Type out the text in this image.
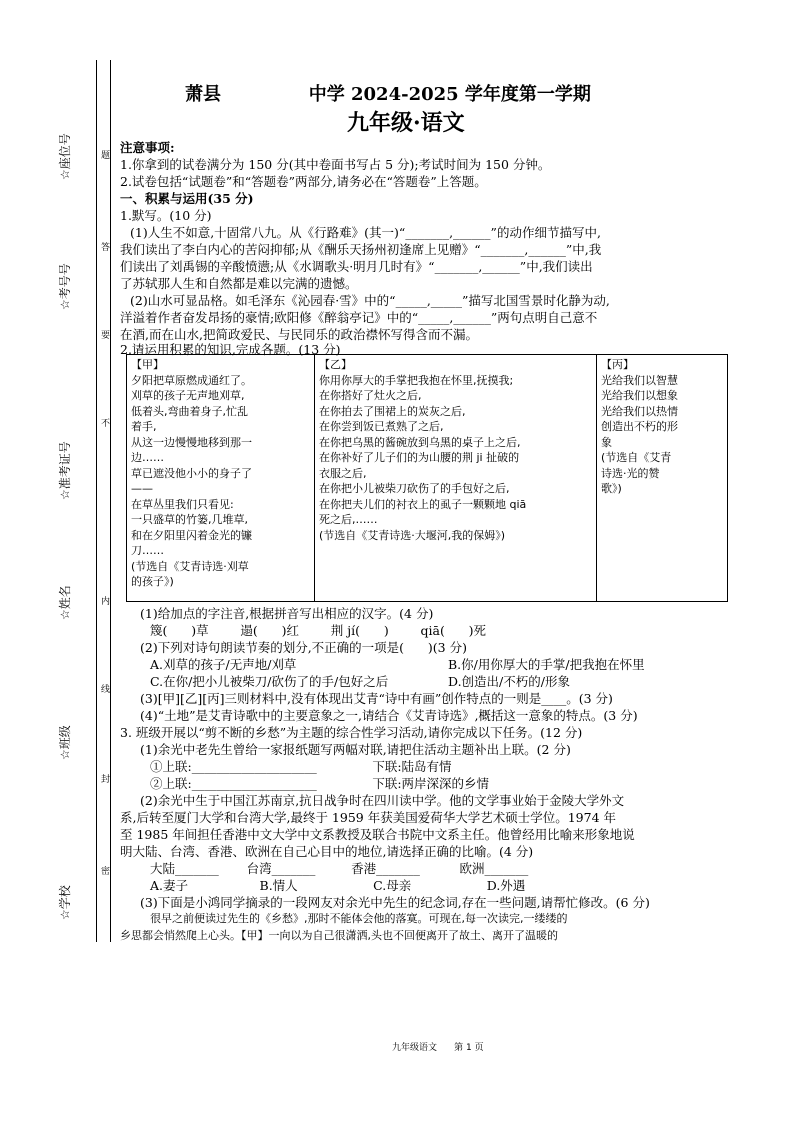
☆座位号
☆考号号
☆准考证号
☆姓名
☆班级
☆学校
题
答
要
不
内
线
封
密
萧县              中学 2024-2025 学年度第一学期
九年级·语文
注意事项:
1.你拿到的试卷满分为 150 分(其中卷面书写占 5 分);考试时间为 150 分钟。
2.试卷包括“试题卷”和“答题卷”两部分,请务必在“答题卷”上答题。
一、积累与运用(35 分)
1.默写。(10 分)
(1)人生不如意,十固常八九。从《行路难》(其一)“_______,______”的动作细节描写中,
我们读出了李白内心的苦闷抑郁;从《酬乐天扬州初逢席上见赠》“_______,______”中,我
们读出了刘禹锡的辛酸愤懑;从《水调歌头·明月几时有》“_______,______”中,我们读出
了苏轼那人生和自然都是难以完满的遗憾。
(2)山水可显品格。如毛泽东《沁园春·雪》中的“_____,_____”描写北国雪景时化静为动,
洋溢着作者奋发昂扬的豪情;欧阳修《醉翁亭记》中的“_____,______”两句点明自己意不
在酒,而在山水,把简政爱民、与民同乐的政治襟怀写得含而不漏。
2.请运用积累的知识,完成各题。(13 分)
【甲】
夕阳把草原燃成通红了。
刈草的孩子无声地刈草,
低着头,弯曲着身子,忙乱
着手,
从这一边慢慢地移到那一
边……
草已遮没他小小的身子了
——
在草丛里我们只看见:
一只盛草的竹篓,几堆草,
和在夕阳里闪着金光的镰
刀……
(节选自《艾青诗选·刈草
的孩子》)
【乙】
你用你厚大的手掌把我抱在怀里,抚摸我;
在你搭好了灶火之后,
在你拍去了围裙上的炭灰之后,
在你尝到饭已煮熟了之后,
在你把乌黑的酱碗放到乌黑的桌子上之后,
在你补好了儿子们的为山腰的荆 ji 扯破的
衣服之后,
在你把小儿被柴刀砍伤了的手包好之后,
在你把夫儿们的衬衣上的虱子一颗颗地 qiā
死之后,……
(节选自《艾青诗选·大堰河,我的保姆》)
【丙】
光给我们以智慧
光给我们以想象
光给我们以热情
创造出不朽的形
象
(节选自《艾青
诗选·光的赞
歌》)
(1)给加点的字注音,根据拼音写出相应的汉字。(4 分)
篾(      )草        遢(      )红        荆 jí(      )        qiā(      )死
(2)下列对诗句朗读节奏的划分,不正确的一项是(      )(3 分)
A.刈草的孩子/无声地/刈草	B.你/用你厚大的手掌/把我抱在怀里
C.在你/把小儿被柴刀/砍伤了的手/包好之后	D.创造出/不朽的/形象
(3)[甲][乙][丙]三则材料中,没有体现出艾青“诗中有画”创作特点的一则是____。(3 分)
(4)“土地”是艾青诗歌中的主要意象之一,请结合《艾青诗选》,概括这一意象的特点。(3 分)
3. 班级开展以“剪不断的乡愁”为主题的综合性学习活动,请你完成以下任务。(12 分)
(1)余光中老先生曾给一家报纸题写两幅对联,请把住活动主题补出上联。(2 分)
①上联:____________________              下联:陆岛有情
②上联:____________________              下联:两岸深深的乡情
(2)余光中生于中国江苏南京,抗日战争时在四川读中学。他的文学事业始于金陵大学外文
系,后转至厦门大学和台湾大学,最终于 1959 年获美国爱荷华大学艺术硕士学位。1974 年
至 1985 年间担任香港中文大学中文系教授及联合书院中文系主任。他曾经用比喻来形象地说
明大陆、台湾、香港、欧洲在自己心目中的地位,请选择正确的比喻。(4 分)
大陆_______       台湾_______         香港_______          欧洲_______
A.妻子                  B.情人                   C.母亲                   D.外遇
(3)下面是小鸿同学摘录的一段网友对余光中先生的纪念词,存在一些问题,请帮忙修改。(6 分)
很早之前便读过先生的《乡愁》,那时不能体会他的落寞。可现在,每一次读完,一缕缕的
乡思都会悄然爬上心头。【甲】一向以为自己很潇洒,头也不回便离开了故土、离开了温暖的
九年级语文      第 1 页
